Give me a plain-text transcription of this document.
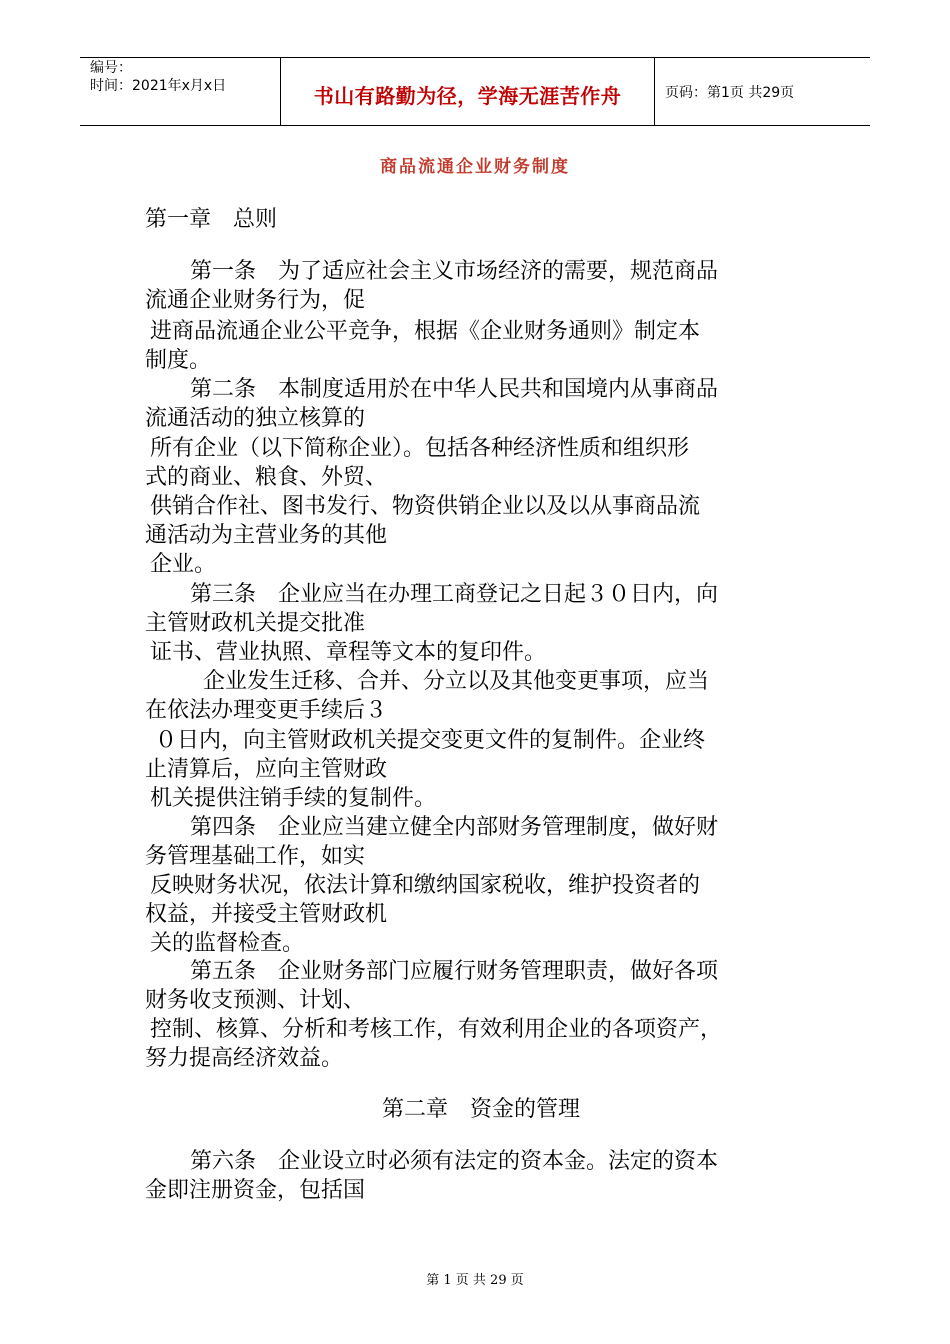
编号：
时间：2021年x月x日	书山有路勤为径，学海无涯苦作舟	页码：第1页 共29页
商品流通企业财务制度
第一章　总则
第一条　为了适应社会主义市场经济的需要，规范商品
流通企业财务行为，促
进商品流通企业公平竞争，根据《企业财务通则》制定本
制度。
第二条　本制度适用於在中华人民共和国境内从事商品
流通活动的独立核算的
所有企业（以下简称企业）。包括各种经济性质和组织形
式的商业、粮食、外贸、
供销合作社、图书发行、物资供销企业以及以从事商品流
通活动为主营业务的其他
企业。
第三条　企业应当在办理工商登记之日起３０日内，向
主管财政机关提交批准
证书、营业执照、章程等文本的复印件。
企业发生迁移、合并、分立以及其他变更事项，应当
在依法办理变更手续后３
０日内，向主管财政机关提交变更文件的复制件。企业终
止清算后，应向主管财政
机关提供注销手续的复制件。
第四条　企业应当建立健全内部财务管理制度，做好财
务管理基础工作，如实
反映财务状况，依法计算和缴纳国家税收，维护投资者的
权益，并接受主管财政机
关的监督检查。
第五条　企业财务部门应履行财务管理职责，做好各项
财务收支预测、计划、
控制、核算、分析和考核工作，有效利用企业的各项资产，
努力提高经济效益。
第二章　资金的管理
第六条　企业设立时必须有法定的资本金。法定的资本
金即注册资金，包括国
第 1 页 共 29 页
